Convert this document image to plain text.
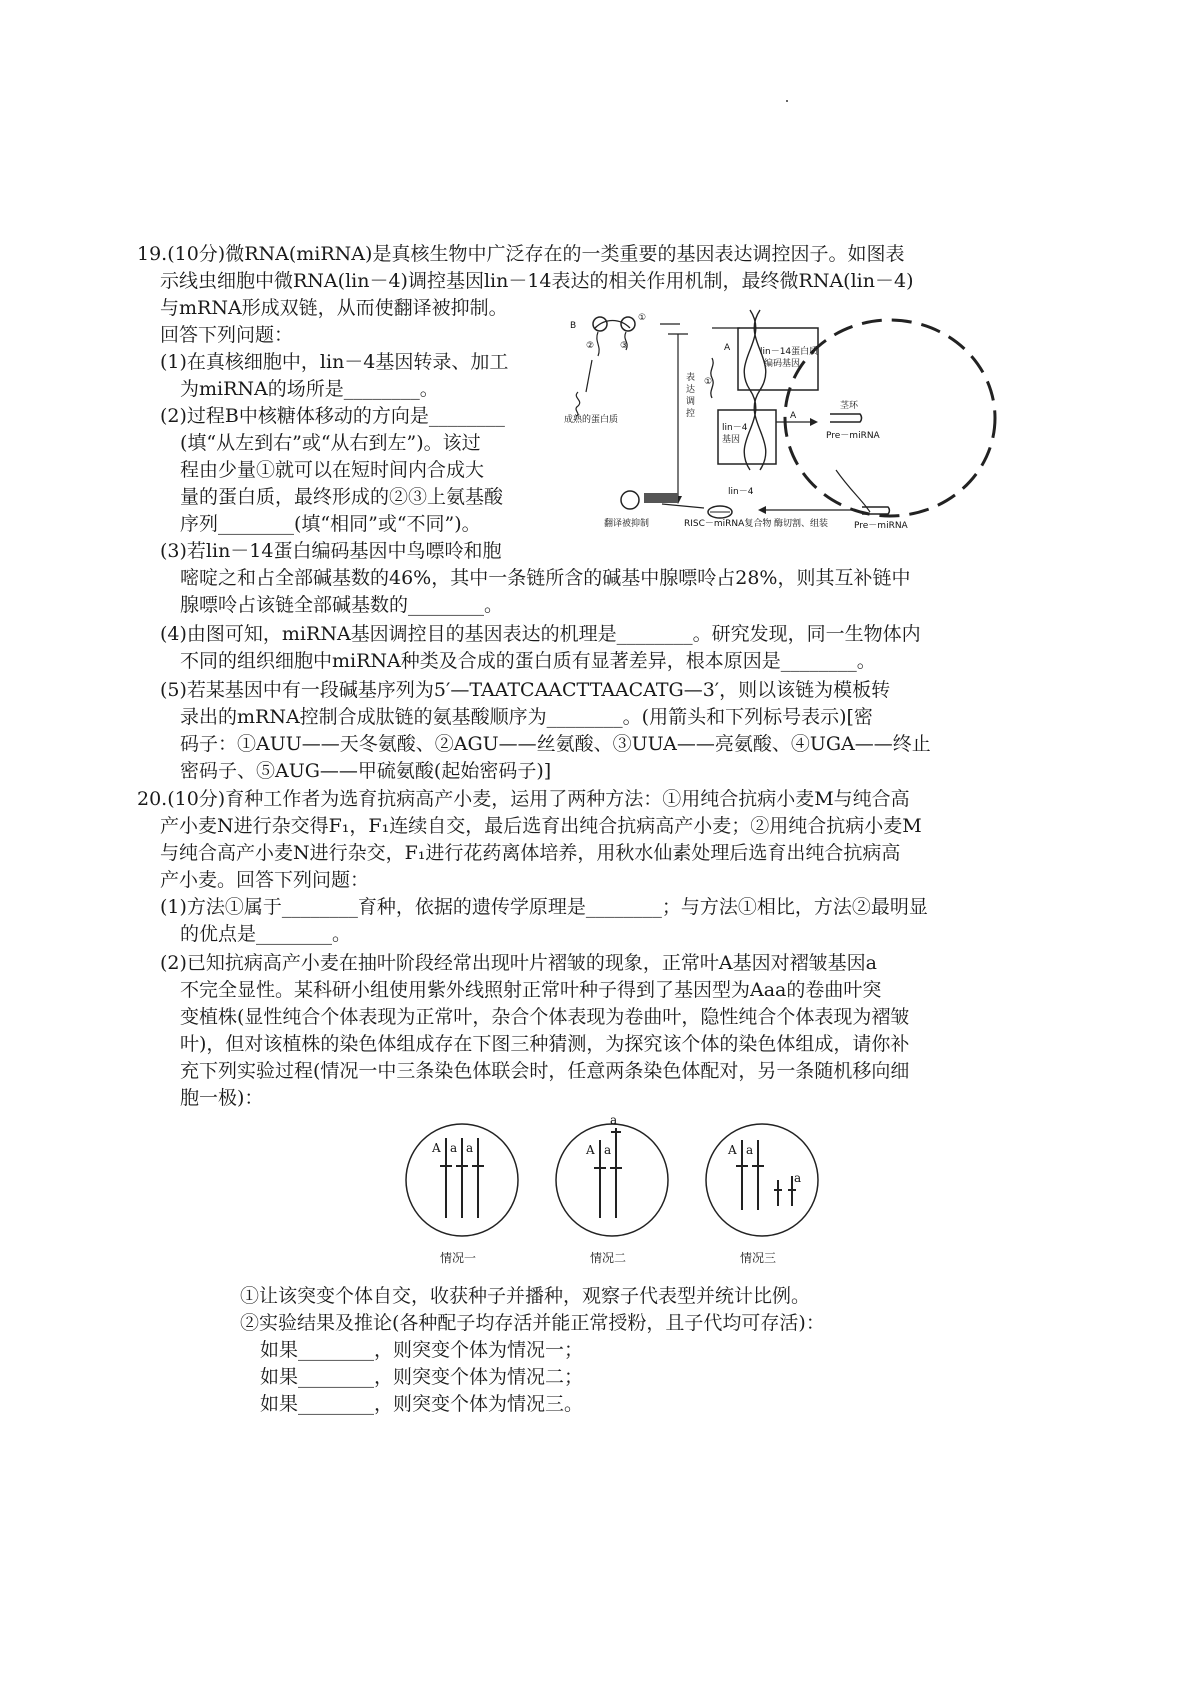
19.(10分)微RNA(miRNA)是真核生物中广泛存在的一类重要的基因表达调控因子。如图表
示线虫细胞中微RNA(lin－4)调控基因lin－14表达的相关作用机制，最终微RNA(lin－4)
与mRNA形成双链，从而使翻译被抑制。
回答下列问题：
(1)在真核细胞中，lin－4基因转录、加工
为miRNA的场所是________。
(2)过程B中核糖体移动的方向是________
(填“从左到右”或“从右到左”)。该过
程由少量①就可以在短时间内合成大
量的蛋白质，最终形成的②③上氨基酸
序列________(填“相同”或“不同”)。
(3)若lin－14蛋白编码基因中鸟嘌呤和胞
嘧啶之和占全部碱基数的46%，其中一条链所含的碱基中腺嘌呤占28%，则其互补链中
腺嘌呤占该链全部碱基数的________。
(4)由图可知，miRNA基因调控目的基因表达的机理是________。研究发现，同一生物体内
不同的组织细胞中miRNA种类及合成的蛋白质有显著差异，根本原因是________。
(5)若某基因中有一段碱基序列为5′—TAATCAACTTAACATG—3′，则以该链为模板转
录出的mRNA控制合成肽链的氨基酸顺序为________。(用箭头和下列标号表示)[密
码子：①AUU——天冬氨酸、②AGU——丝氨酸、③UUA——亮氨酸、④UGA——终止
密码子、⑤AUG——甲硫氨酸(起始密码子)]
B
①
②	③
①
A
A
成熟的蛋白质
表
达
调
控
lin－14蛋白质
编码基因
lin－4
基因
茎环
Pre－miRNA
Pre－miRNA
lin－4
翻译被抑制	RISC－miRNA复合物 酶切割、组装
20.(10分)育种工作者为选育抗病高产小麦，运用了两种方法：①用纯合抗病小麦M与纯合高
产小麦N进行杂交得F₁，F₁连续自交，最后选育出纯合抗病高产小麦；②用纯合抗病小麦M
与纯合高产小麦N进行杂交，F₁进行花药离体培养，用秋水仙素处理后选育出纯合抗病高
产小麦。回答下列问题：
(1)方法①属于________育种，依据的遗传学原理是________；与方法①相比，方法②最明显
的优点是________。
(2)已知抗病高产小麦在抽叶阶段经常出现叶片褶皱的现象，正常叶A基因对褶皱基因a
不完全显性。某科研小组使用紫外线照射正常叶种子得到了基因型为Aaa的卷曲叶突
变植株(显性纯合个体表现为正常叶，杂合个体表现为卷曲叶，隐性纯合个体表现为褶皱
叶)，但对该植株的染色体组成存在下图三种猜测，为探究该个体的染色体组成，请你补
充下列实验过程(情况一中三条染色体联会时，任意两条染色体配对，另一条随机移向细
胞一极)：
A a a	A a
a
A a
a
情况一	情况二	情况三
①让该突变个体自交，收获种子并播种，观察子代表型并统计比例。
②实验结果及推论(各种配子均存活并能正常授粉，且子代均可存活)：
如果________，则突变个体为情况一；
如果________，则突变个体为情况二；
如果________，则突变个体为情况三。
